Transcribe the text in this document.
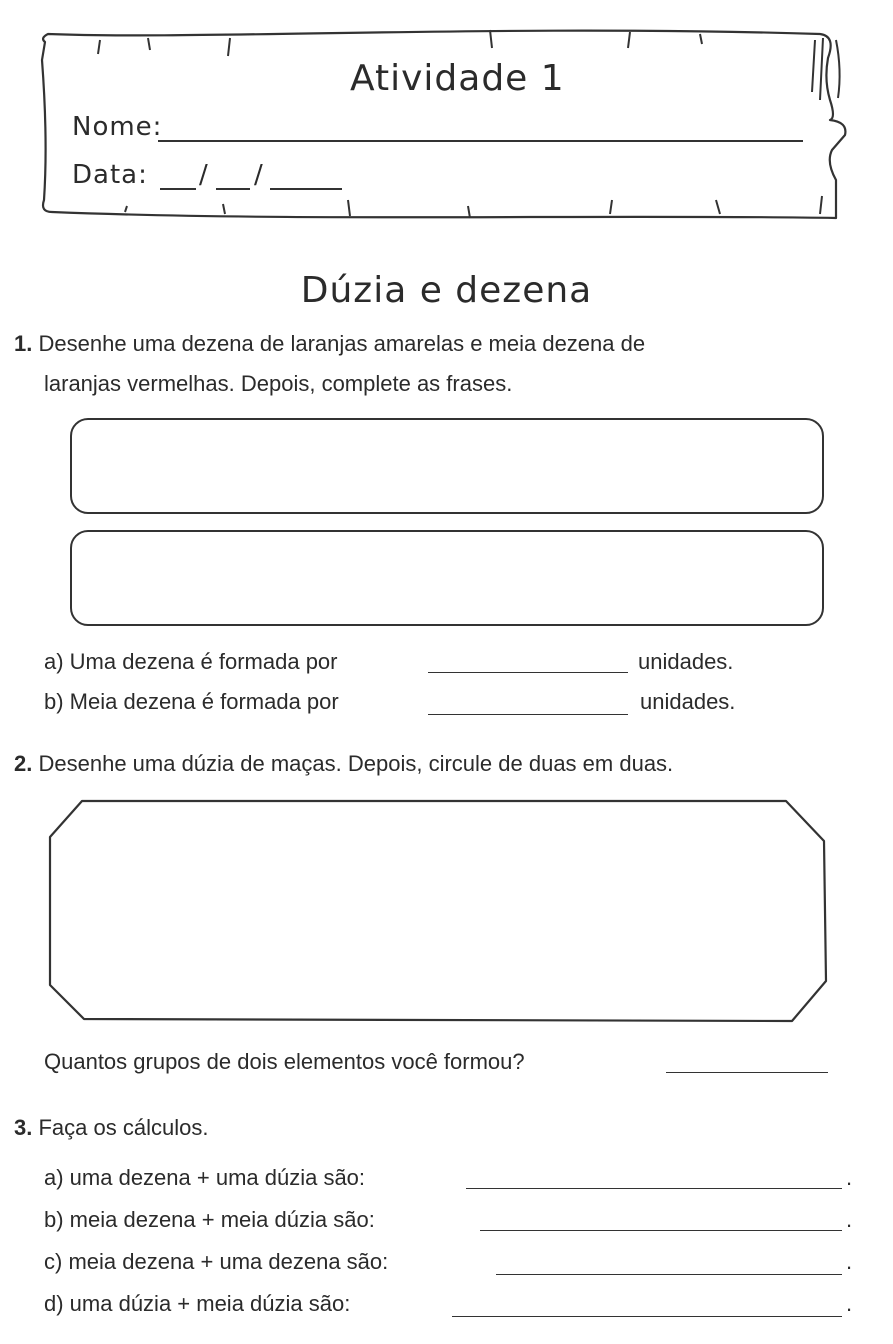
Atividade 1
Nome:
Data: / /
Dúzia e dezena
1. Desenhe uma dezena de laranjas amarelas e meia dezena de
laranjas vermelhas. Depois, complete as frases.
a) Uma dezena é formada por	unidades.
b) Meia dezena é formada por	unidades.
2. Desenhe uma dúzia de maças. Depois, circule de duas em duas.
Quantos grupos de dois elementos você formou?
3. Faça os cálculos.
a) uma dezena + uma dúzia são:	.
b) meia dezena + meia dúzia são:	.
c) meia dezena + uma dezena são:	.
d) uma dúzia + meia dúzia são:	.
